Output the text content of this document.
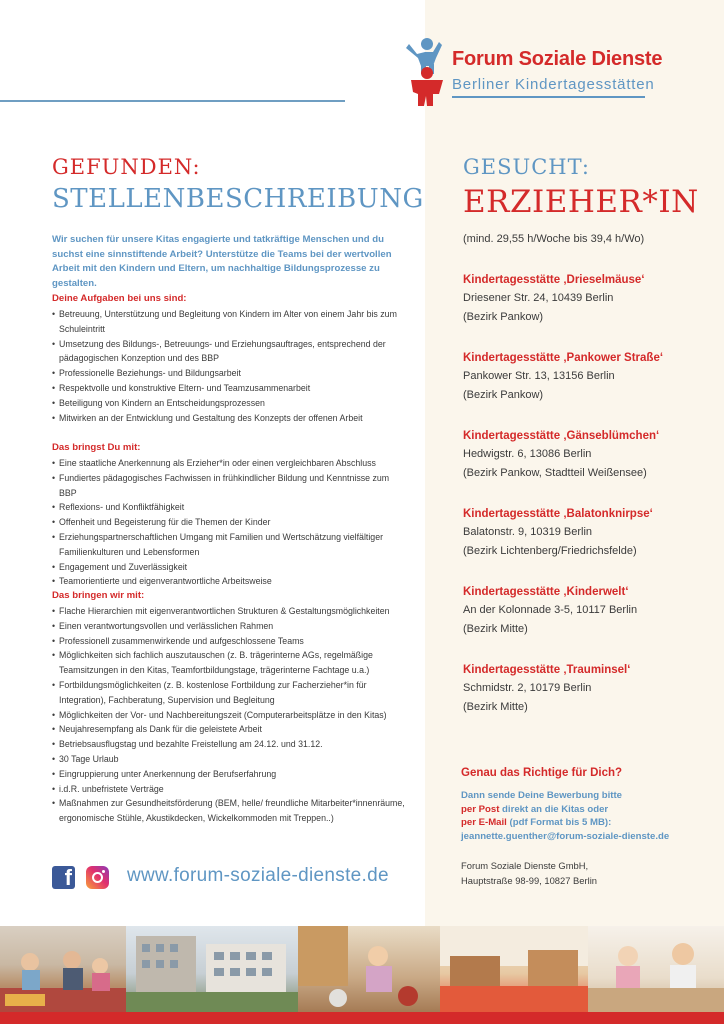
Forum Soziale Dienste
Berliner Kindertagesstätten
GEFUNDEN:
STELLENBESCHREIBUNG
Wir suchen für unsere Kitas engagierte und tatkräftige Menschen und du suchst eine sinnstiftende Arbeit? Unterstütze die Teams bei der wertvollen Arbeit mit den Kindern und Eltern, um nachhaltige Bildungsprozesse zu gestalten.
Deine Aufgaben bei uns sind:
• Betreuung, Unterstützung und Begleitung von Kindern im Alter von einem Jahr bis zum Schuleintritt
• Umsetzung des Bildungs-, Betreuungs- und Erziehungsauftrages, entsprechend der pädagogischen Konzeption und des BBP
• Professionelle Beziehungs- und Bildungsarbeit
• Respektvolle und konstruktive Eltern- und Teamzusammenarbeit
• Beteiligung von Kindern an Entscheidungsprozessen
• Mitwirken an der Entwicklung und Gestaltung des Konzepts der offenen Arbeit
Das bringst Du mit:
• Eine staatliche Anerkennung als Erzieher*in oder einen vergleichbaren Abschluss
• Fundiertes pädagogisches Fachwissen in frühkindlicher Bildung und Kenntnisse zum BBP
• Reflexions- und Konfliktfähigkeit
• Offenheit und Begeisterung für die Themen der Kinder
• Erziehungspartnerschaftlichen Umgang mit Familien und Wertschätzung vielfältiger Familienkulturen und Lebensformen
• Engagement und Zuverlässigkeit
• Teamorientierte und eigenverantwortliche Arbeitsweise
Das bringen wir mit:
• Flache Hierarchien mit eigenverantwortlichen Strukturen & Gestaltungsmöglichkeiten
• Einen verantwortungsvollen und verlässlichen Rahmen
• Professionell zusammenwirkende und aufgeschlossene Teams
• Möglichkeiten sich fachlich auszutauschen (z. B. trägerinterne AGs, regelmäßige Teamsitzungen in den Kitas, Teamfortbildungstage, trägerinterne Fachtage u.a.)
• Fortbildungsmöglichkeiten (z. B. kostenlose Fortbildung zur Facherzieher*in für Integration), Fachberatung, Supervision und Begleitung
• Möglichkeiten der Vor- und Nachbereitungszeit (Computerarbeitsplätze in den Kitas)
• Neujahresempfang als Dank für die geleistete Arbeit
• Betriebsausflugstag und bezahlte Freistellung am 24.12. und 31.12.
• 30 Tage Urlaub
• Eingruppierung unter Anerkennung der Berufserfahrung
• i.d.R. unbefristete Verträge
• Maßnahmen zur Gesundheitsförderung (BEM, helle/ freundliche Mitarbeiter*innenräume, ergonomische Stühle, Akustikdecken, Wickelkommoden mit Treppen..)
f	www.forum-soziale-dienste.de
GESUCHT:
ERZIEHER*IN
(mind. 29,55 h/Woche bis 39,4 h/Wo)
Kindertagesstätte ‚Drieselmäuse‘
Driesener Str. 24, 10439 Berlin
(Bezirk Pankow)
Kindertagesstätte ‚Pankower Straße‘
Pankower Str. 13, 13156 Berlin
(Bezirk Pankow)
Kindertagesstätte ‚Gänseblümchen‘
Hedwigstr. 6, 13086 Berlin
(Bezirk Pankow, Stadtteil Weißensee)
Kindertagesstätte ‚Balatonknirpse‘
Balatonstr. 9, 10319 Berlin
(Bezirk Lichtenberg/Friedrichsfelde)
Kindertagesstätte ‚Kinderwelt‘
An der Kolonnade 3-5, 10117 Berlin
(Bezirk Mitte)
Kindertagesstätte ‚Trauminsel‘
Schmidstr. 2, 10179 Berlin
(Bezirk Mitte)
Genau das Richtige für Dich?
Dann sende Deine Bewerbung bitte
per Post direkt an die Kitas oder
per E-Mail (pdf Format bis 5 MB):
jeannette.guenther@forum-soziale-dienste.de
Forum Soziale Dienste GmbH,
Hauptstraße 98-99, 10827 Berlin
